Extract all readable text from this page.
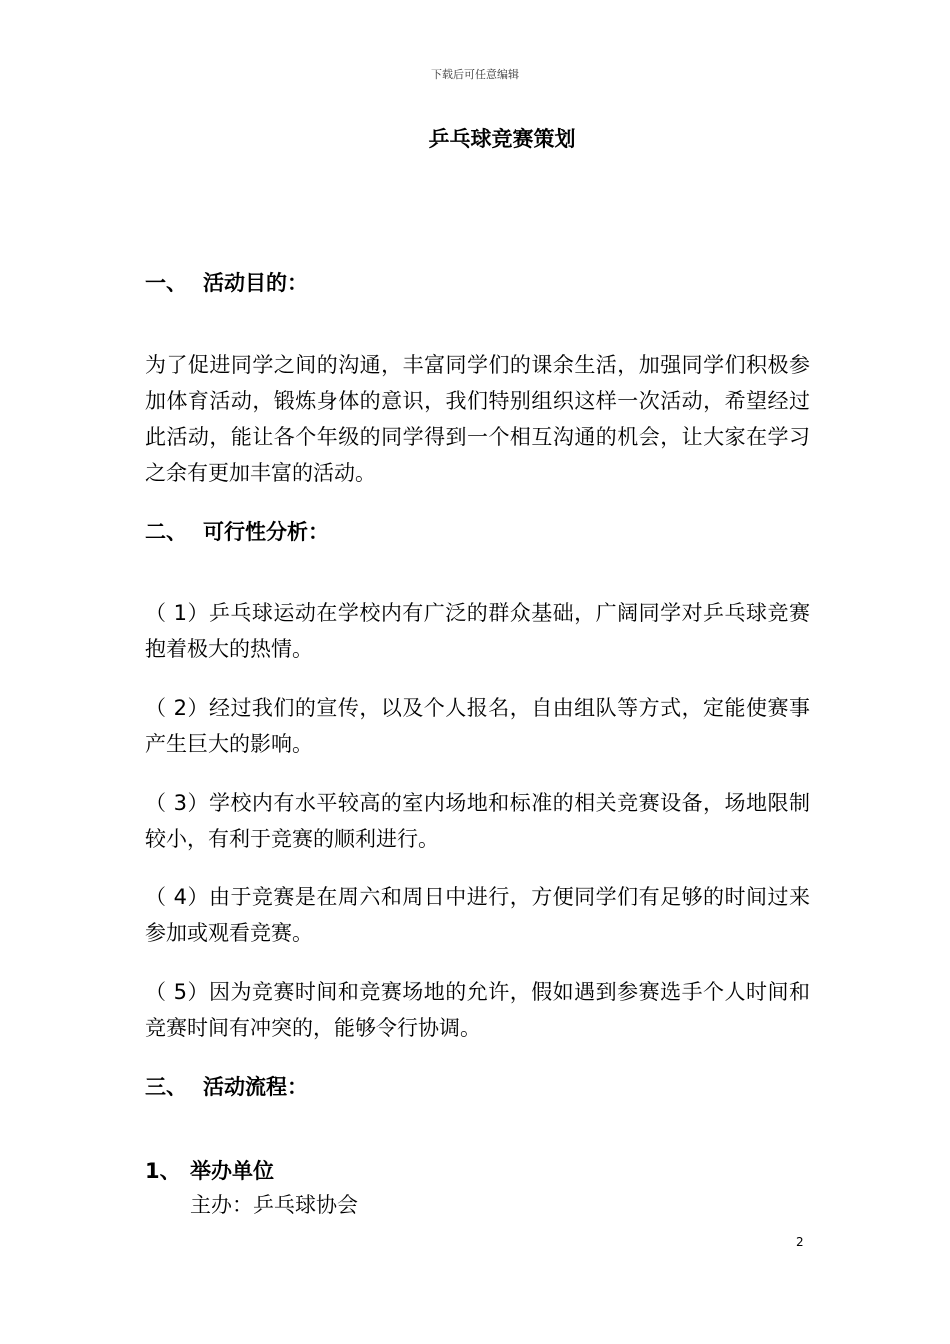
下载后可任意编辑
乒乓球竞赛策划
一、 活动目的：
为了促进同学之间的沟通，丰富同学们的课余生活，加强同学们积极参加体育活动，锻炼身体的意识，我们特别组织这样一次活动，希望经过此活动，能让各个年级的同学得到一个相互沟通的机会，让大家在学习之余有更加丰富的活动。
二、 可行性分析：
（ 1）乒乓球运动在学校内有广泛的群众基础，广阔同学对乒乓球竞赛抱着极大的热情。
（ 2）经过我们的宣传，以及个人报名，自由组队等方式，定能使赛事产生巨大的影响。
（ 3）学校内有水平较高的室内场地和标准的相关竞赛设备，场地限制较小，有利于竞赛的顺利进行。
（ 4）由于竞赛是在周六和周日中进行，方便同学们有足够的时间过来参加或观看竞赛。
（ 5）因为竞赛时间和竞赛场地的允许，假如遇到参赛选手个人时间和竞赛时间有冲突的，能够令行协调。
三、 活动流程：
1、 举办单位
主办：乒乓球协会
2
